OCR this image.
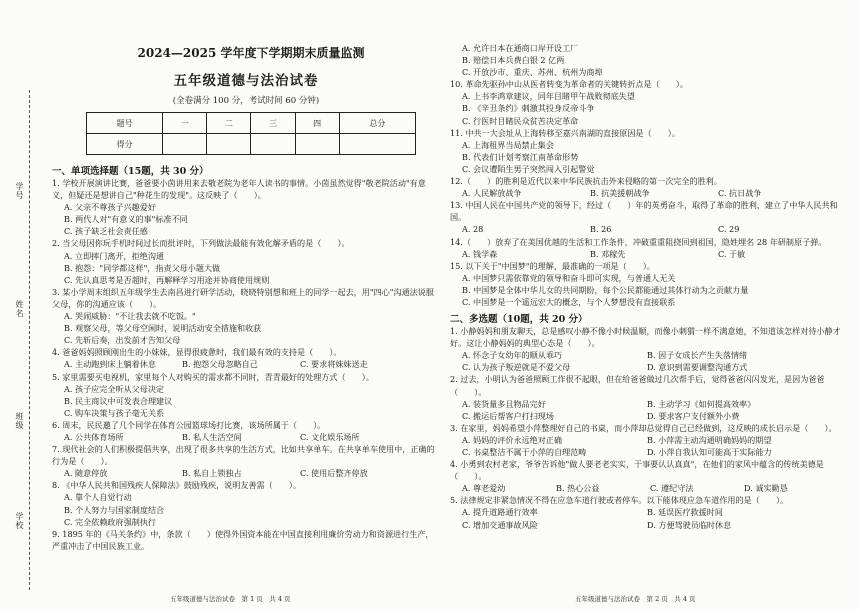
学号
姓名
班级
学校
2024—2025 学年度下学期期末质量监测
五年级道德与法治试卷
(全卷满分 100 分，考试时间 60 分钟)
题号	一	二	三	四	总分
得分					
一、单项选择题（15题，共 30 分）
1. 学校开展演讲比赛，爸爸要小茵讲用来去敬老院为老年人读书的事情。小茵虽然觉得"敬老院活动"有意义，但疑还是想讲自己"种花生的发现"。这反映了（　　）。
A. 父亲不尊孩子兴趣爱好
B. 两代人对"有意义的事"标准不同
C. 孩子缺乏社会责任感
2. 当父母因你玩手机时间过长而批评时，下列做法最能有效化解矛盾的是（　　）。
A. 立即摔门离开，拒绝沟通
B. 抱怨："同学都这样"，指责父母小题大做
C. 先认真思考是否超时，再解释学习用途并协商使用规则
3. 某小学周末组织五年级学生去南昌进行研学活动，晓晓特别想和班上的同学一起去，用"四心"沟通法说服父母，你的沟通应该（　　）。
A. 哭闹威胁："不让我去就不吃饭。"
B. 观察父母，等父母空闲时，说明活动安全措施和收获
C. 先斩后奏，出发前才告知父母
4. 爸爸妈妈照顾刚出生的小妹妹，显得很疲惫时，我们最有效的支持是（　　）。
A. 主动跑到床上躺着休息	B. 抱怨父母忽略自己	C. 要求将妹妹送走
5. 家里需要买电视机，家里每个人对购买的需求都不同时，青青最好的处理方式（　　）。
A. 孩子应完全听从父母决定
B. 民主商议中可发表合理建议
C. 购车决策与孩子毫无关系
6. 周末，民民邀了几个同学在体育公园篮球场打比赛，该场所属于（　　）。
A. 公共体育场所	B. 私人生活空间	C. 文化娱乐场所
7. 现代社会的人们积极提倡共享，出现了很多共享的生活方式，比如共享单车。在共享单车使用中，正确的行为是（　　）。
A. 随意停放	B. 私自上锁独占	C. 使用后整齐停放
8. 《中华人民共和国残疾人保障法》鼓励残疾，说明友善需（　　）。
A. 靠个人自觉行动
B. 个人努力与国家制度结合
C. 完全依赖政府强制执行
9. 1895 年的《马关条约》中，条款（　　）使得外国资本能在中国直接利用廉价劳动力和资源进行生产，严重冲击了中国民族工业。
A. 允许日本在通商口岸开设工厂
B. 赔偿日本兵费白银 2 亿两
C. 开放沙市、重庆、苏州、杭州为商埠
10. 革命先驱孙中山从医者转变为革命者的关键转折点是（　　）。
A. 上书李鸿章建议，同年目睹甲午战败彻底失望
B. 《辛丑条约》刺激其投身反帝斗争
C. 行医时目睹民众贫苦决定革命
11. 中共一大会址从上海转移至嘉兴南湖的直接原因是（　　）。
A. 上海租界当局禁止集会
B. 代表们计划考察江南革命形势
C. 会议遭陌生男子突然闯入引起警觉
12.（　　）的胜利是近代以来中华民族抗击外来侵略的第一次完全的胜利。
A. 人民解放战争	B. 抗美援朝战争	C. 抗日战争
13. 中国人民在中国共产党的领导下，经过（　　）年的英勇奋斗，取得了革命的胜利，建立了中华人民共和国。
A. 28	B. 26	C. 29
14.（　　）放弃了在美国优越的生活和工作条件，冲破重重阻挠回到祖国，隐姓埋名 28 年研制原子弹。
A. 钱学森	B. 邓稼先	C. 于敏
15. 以下关于"中国梦"的理解，最准确的一项是（　　）。
A. 中国梦只需依靠党的领导和奋斗即可实现，与普通人无关
B. 中国梦是全体中华儿女的共同期盼，每个公民都能通过其体行动为之贡献力量
C. 中国梦是一个遥远宏大的概念，与个人梦想没有直接联系
二、多选题（10题，共 20 分）
1. 小静妈妈和朋友聊天，总是感叹小静不像小时候温顺，而像小刺猬一样不满意她，不知道该怎样对待小静才好。这让小静妈妈的典型心态是（　　）。
A. 怀念子女幼年的顺从乖巧	B. 因子女成长产生失落情绪
C. 认为孩子叛逆就是不爱父母	D. 意识到需要调整沟通方式
2. 过去，小明认为爸爸照顾工作很不起眼，但在给爸爸做过几次帮手后，觉得爸爸闪闪发光，是因为爸爸（　　）。
A. 装货量多且物品完好	B. 主动学习《如何提高效率》
C. 搬运后帮客户打扫现场	D. 要求客户支付额外小费
3. 在家里，妈妈希望小萍整理好自己的书桌，而小萍却总觉得自己已经做到，这反映的成长启示是（　　）。
A. 妈妈的评价永远绝对正确	B. 小萍需主动沟通明确妈妈的期望
C. 书桌整洁不属于小萍的自理范畴	D. 小萍自我认知可能高于实际能力
4. 小勇到农村老家，爷爷告诉他"做人要老老实实，干事要认认真真"，在他们的家风中蕴含的传统美德是（　　）。
A. 尊老爱幼	B. 热心公益	C. 遵纪守法	D. 诚实勤恳
5. 法律规定非紧急情况不得在应急车道行驶或者停车。以下能体现应急车道作用的是（　　）。
A. 提升道路通行效率	B. 延误医疗救援时间
C. 增加交通事故风险	D. 方便驾驶员临时休息
五年级道德与法治试卷　第 1 页　共 4 页	五年级道德与法治试卷　第 2 页　共 4 页
